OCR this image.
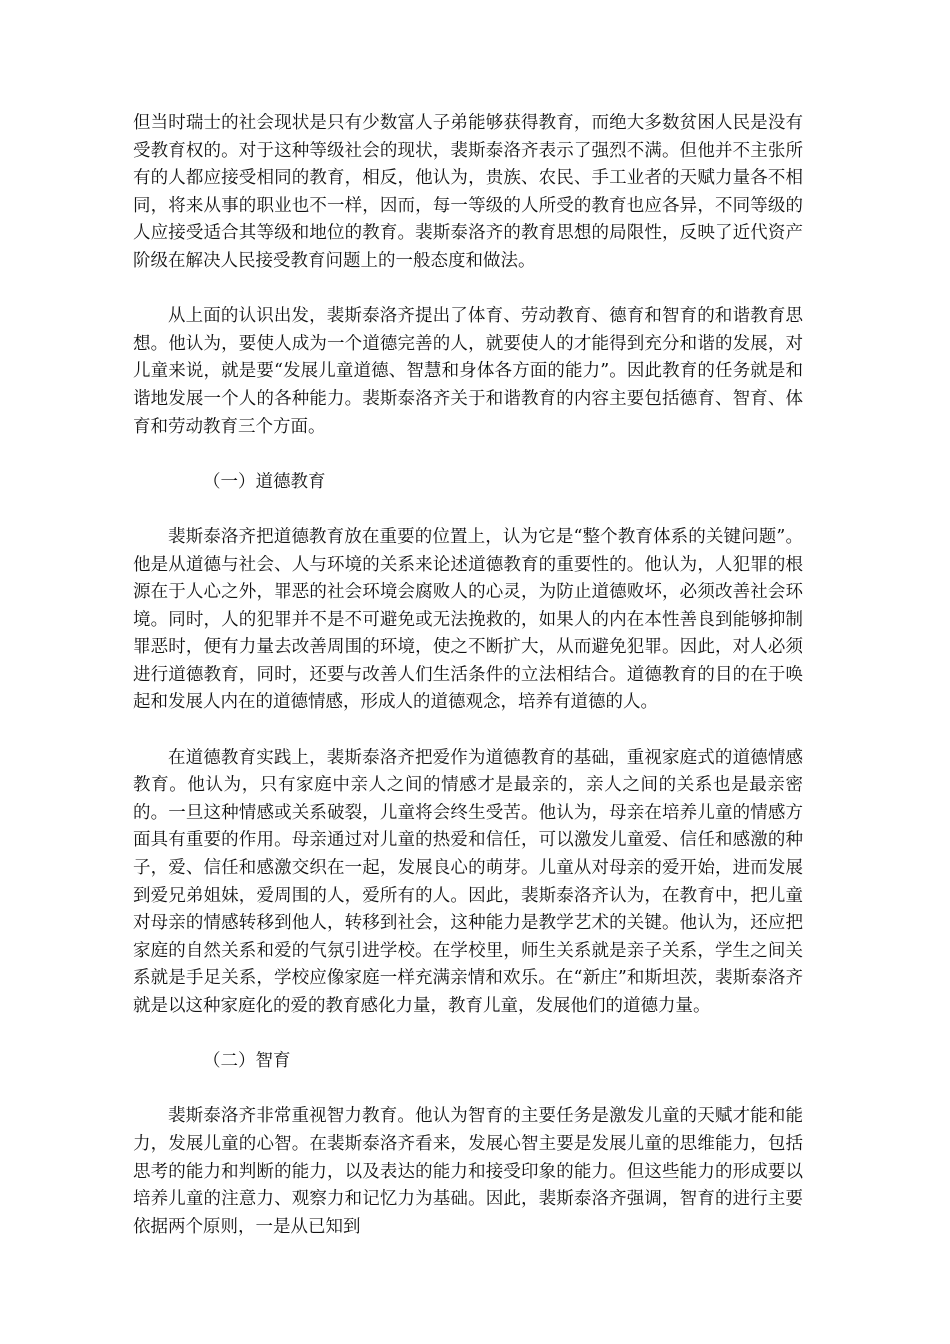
但当时瑞士的社会现状是只有少数富人子弟能够获得教育，而绝大多数贫困人民是没有受教育权的。对于这种等级社会的现状，裴斯泰洛齐表示了强烈不满。但他并不主张所有的人都应接受相同的教育，相反，他认为，贵族、农民、手工业者的天赋力量各不相同，将来从事的职业也不一样，因而，每一等级的人所受的教育也应各异，不同等级的人应接受适合其等级和地位的教育。裴斯泰洛齐的教育思想的局限性，反映了近代资产阶级在解决人民接受教育问题上的一般态度和做法。

从上面的认识出发，裴斯泰洛齐提出了体育、劳动教育、德育和智育的和谐教育思想。他认为，要使人成为一个道德完善的人，就要使人的才能得到充分和谐的发展，对儿童来说，就是要“发展儿童道德、智慧和身体各方面的能力”。因此教育的任务就是和谐地发展一个人的各种能力。裴斯泰洛齐关于和谐教育的内容主要包括德育、智育、体育和劳动教育三个方面。

（一）道德教育

裴斯泰洛齐把道德教育放在重要的位置上，认为它是“整个教育体系的关键问题”。他是从道德与社会、人与环境的关系来论述道德教育的重要性的。他认为，人犯罪的根源在于人心之外，罪恶的社会环境会腐败人的心灵，为防止道德败坏，必须改善社会环境。同时，人的犯罪并不是不可避免或无法挽救的，如果人的内在本性善良到能够抑制罪恶时，便有力量去改善周围的环境，使之不断扩大，从而避免犯罪。因此，对人必须进行道德教育，同时，还要与改善人们生活条件的立法相结合。道德教育的目的在于唤起和发展人内在的道德情感，形成人的道德观念，培养有道德的人。

在道德教育实践上，裴斯泰洛齐把爱作为道德教育的基础，重视家庭式的道德情感教育。他认为，只有家庭中亲人之间的情感才是最亲的，亲人之间的关系也是最亲密的。一旦这种情感或关系破裂，儿童将会终生受苦。他认为，母亲在培养儿童的情感方面具有重要的作用。母亲通过对儿童的热爱和信任，可以激发儿童爱、信任和感激的种子，爱、信任和感激交织在一起，发展良心的萌芽。儿童从对母亲的爱开始，进而发展到爱兄弟姐妹，爱周围的人，爱所有的人。因此，裴斯泰洛齐认为，在教育中，把儿童对母亲的情感转移到他人，转移到社会，这种能力是教学艺术的关键。他认为，还应把家庭的自然关系和爱的气氛引进学校。在学校里，师生关系就是亲子关系，学生之间关系就是手足关系，学校应像家庭一样充满亲情和欢乐。在“新庄”和斯坦茨，裴斯泰洛齐就是以这种家庭化的爱的教育感化力量，教育儿童，发展他们的道德力量。

（二）智育

裴斯泰洛齐非常重视智力教育。他认为智育的主要任务是激发儿童的天赋才能和能力，发展儿童的心智。在裴斯泰洛齐看来，发展心智主要是发展儿童的思维能力，包括思考的能力和判断的能力，以及表达的能力和接受印象的能力。但这些能力的形成要以培养儿童的注意力、观察力和记忆力为基础。因此，裴斯泰洛齐强调，智育的进行主要依据两个原则，一是从已知到
